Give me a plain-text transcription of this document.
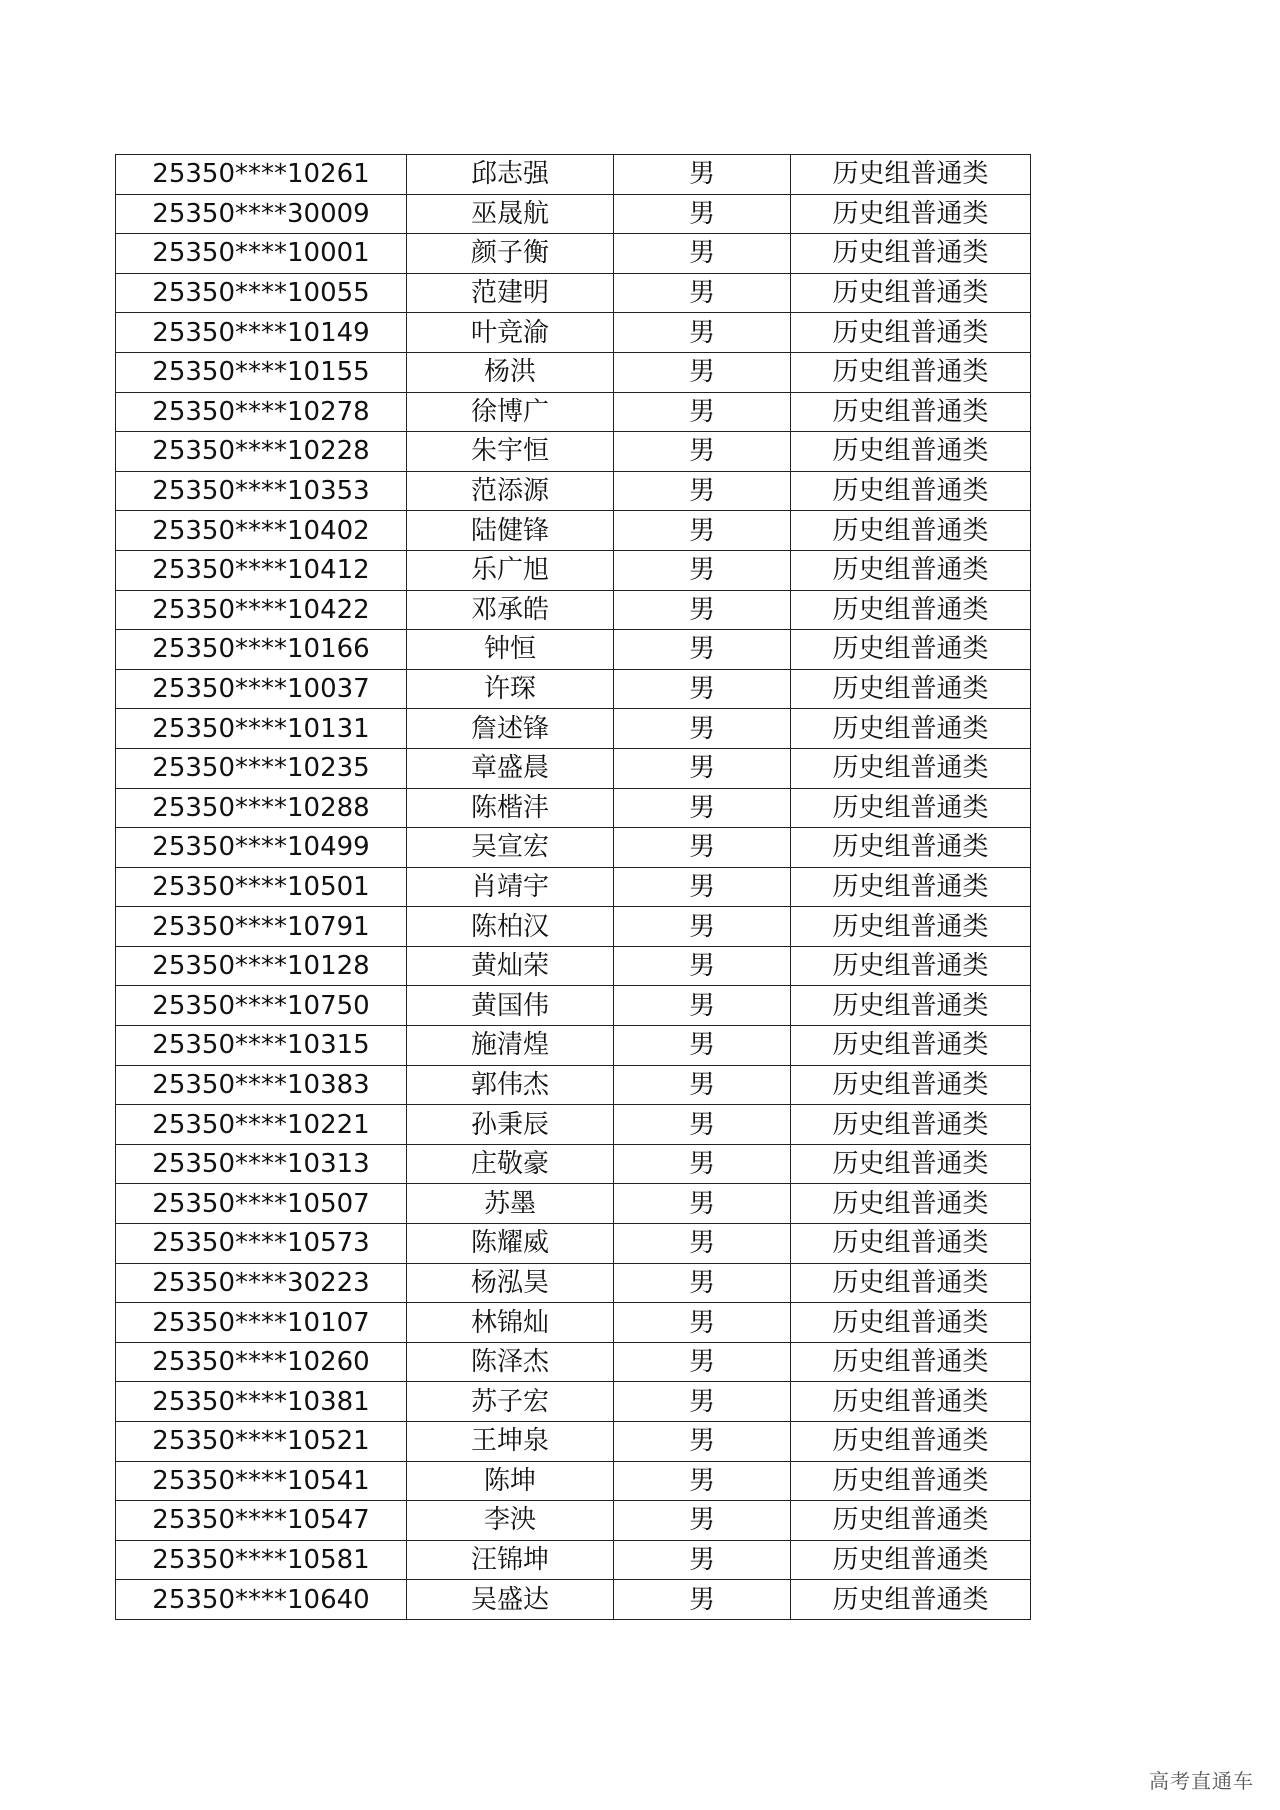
25350****10261	邱志强	男	历史组普通类
25350****30009	巫晟航	男	历史组普通类
25350****10001	颜子衡	男	历史组普通类
25350****10055	范建明	男	历史组普通类
25350****10149	叶竞渝	男	历史组普通类
25350****10155	杨洪	男	历史组普通类
25350****10278	徐博广	男	历史组普通类
25350****10228	朱宇恒	男	历史组普通类
25350****10353	范添源	男	历史组普通类
25350****10402	陆健锋	男	历史组普通类
25350****10412	乐广旭	男	历史组普通类
25350****10422	邓承皓	男	历史组普通类
25350****10166	钟恒	男	历史组普通类
25350****10037	许琛	男	历史组普通类
25350****10131	詹述锋	男	历史组普通类
25350****10235	章盛晨	男	历史组普通类
25350****10288	陈楷沣	男	历史组普通类
25350****10499	吴宣宏	男	历史组普通类
25350****10501	肖靖宇	男	历史组普通类
25350****10791	陈柏汉	男	历史组普通类
25350****10128	黄灿荣	男	历史组普通类
25350****10750	黄国伟	男	历史组普通类
25350****10315	施清煌	男	历史组普通类
25350****10383	郭伟杰	男	历史组普通类
25350****10221	孙秉辰	男	历史组普通类
25350****10313	庄敬豪	男	历史组普通类
25350****10507	苏墨	男	历史组普通类
25350****10573	陈耀威	男	历史组普通类
25350****30223	杨泓昊	男	历史组普通类
25350****10107	林锦灿	男	历史组普通类
25350****10260	陈泽杰	男	历史组普通类
25350****10381	苏子宏	男	历史组普通类
25350****10521	王坤泉	男	历史组普通类
25350****10541	陈坤	男	历史组普通类
25350****10547	李泱	男	历史组普通类
25350****10581	汪锦坤	男	历史组普通类
25350****10640	吴盛达	男	历史组普通类
高考直通车
